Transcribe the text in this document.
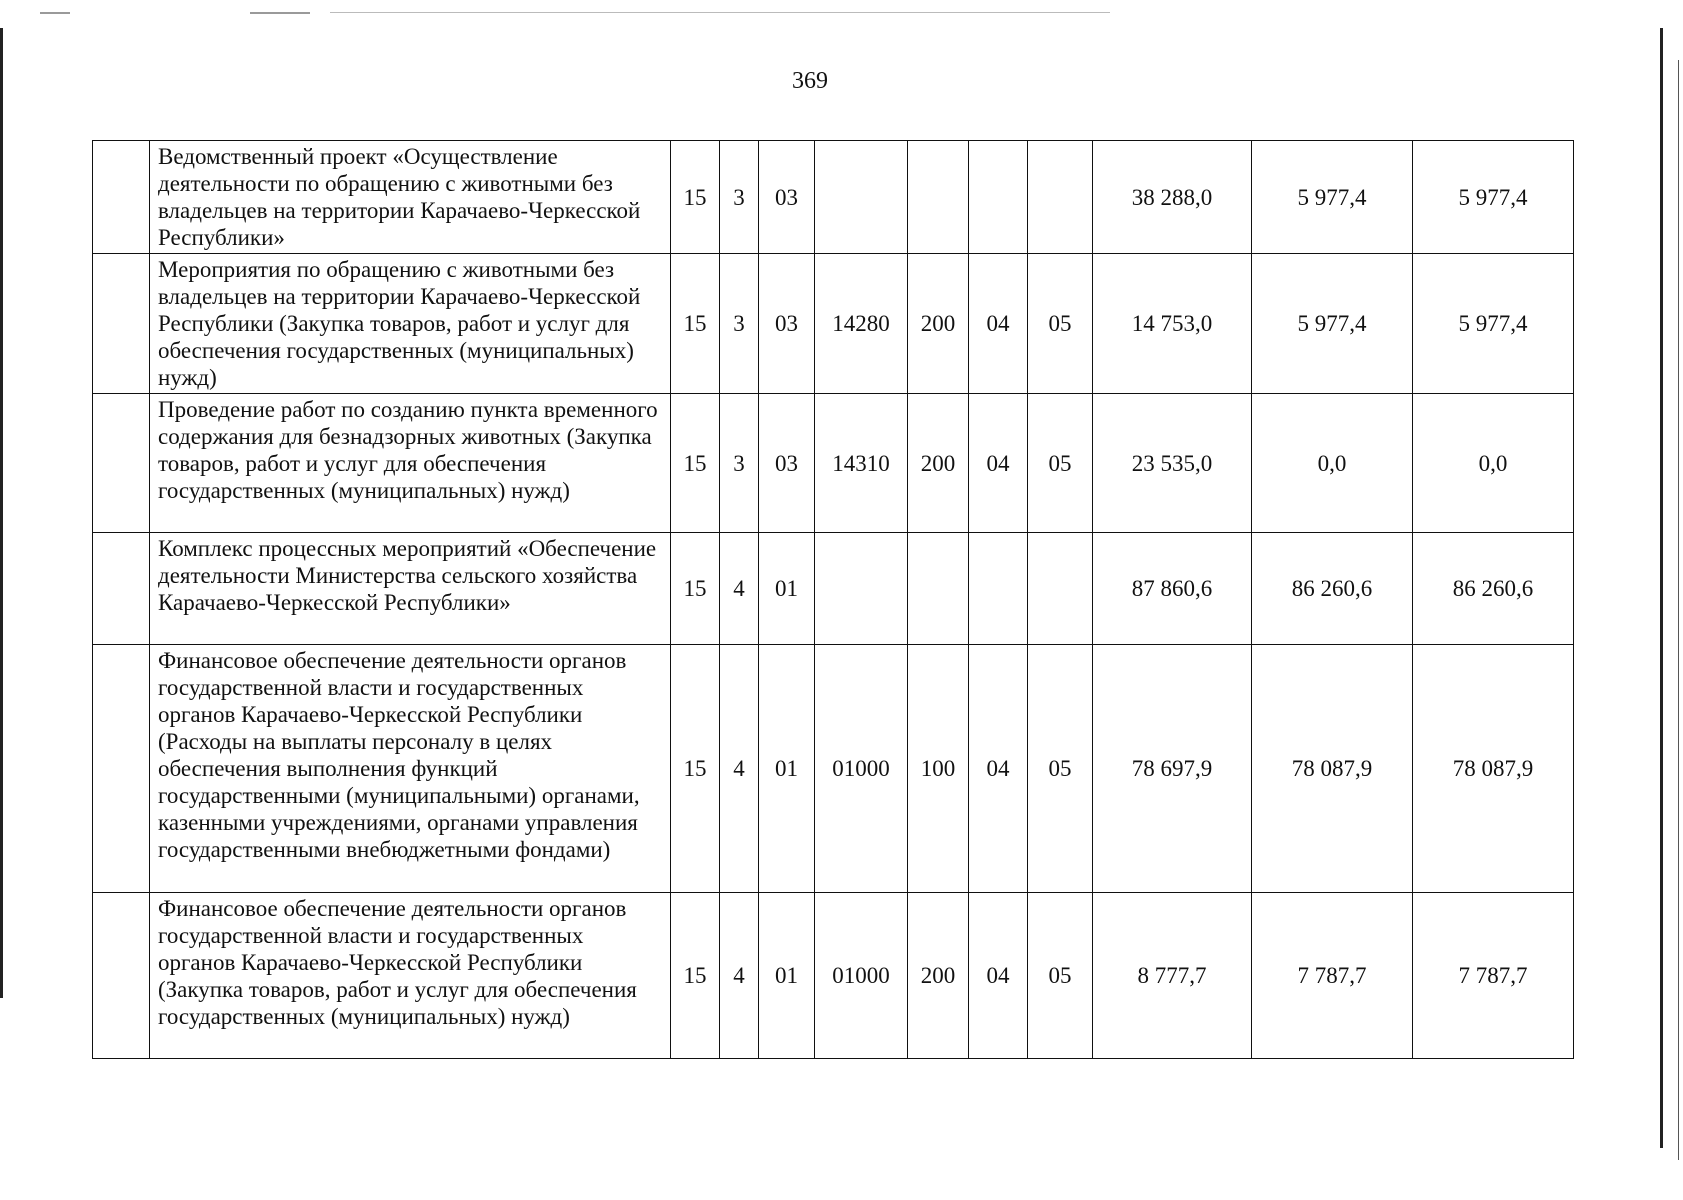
369
	Ведомственный проект «Осуществление деятельности по обращению с животными без владельцев на территории Карачаево-Черкесской Республики»	15	3	03					38 288,0	5 977,4	5 977,4
	Мероприятия по обращению с животными без владельцев на территории Карачаево-Черкесской Республики (Закупка товаров, работ и услуг для обеспечения государственных (муниципальных) нужд)	15	3	03	14280	200	04	05	14 753,0	5 977,4	5 977,4
	Проведение работ по созданию пункта временного содержания для безнадзорных животных (Закупка товаров, работ и услуг для обеспечения государственных (муниципальных) нужд)	15	3	03	14310	200	04	05	23 535,0	0,0	0,0
	Комплекс процессных мероприятий «Обеспечение деятельности Министерства сельского хозяйства Карачаево-Черкесской Республики»	15	4	01					87 860,6	86 260,6	86 260,6
	Финансовое обеспечение деятельности органов государственной власти и государственных органов Карачаево-Черкесской Республики (Расходы на выплаты персоналу в целях обеспечения выполнения функций государственными (муниципальными) органами, казенными учреждениями, органами управления государственными внебюджетными фондами)	15	4	01	01000	100	04	05	78 697,9	78 087,9	78 087,9
	Финансовое обеспечение деятельности органов государственной власти и государственных органов Карачаево-Черкесской Республики (Закупка товаров, работ и услуг для обеспечения государственных (муниципальных) нужд)	15	4	01	01000	200	04	05	8 777,7	7 787,7	7 787,7
